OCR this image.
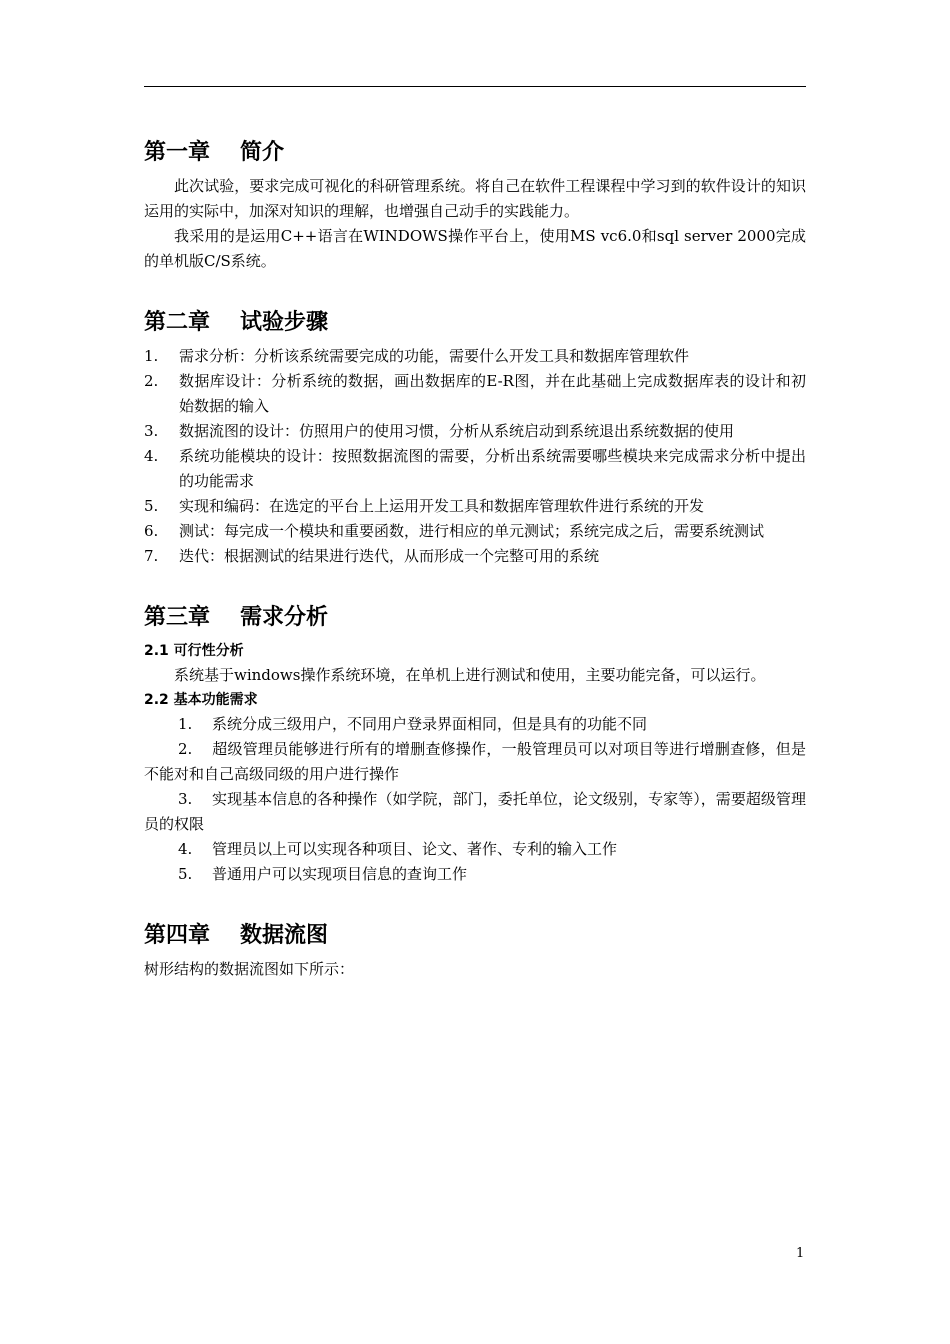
第一章 简介

此次试验，要求完成可视化的科研管理系统。将自己在软件工程课程中学习到的软件设计的知识运用的实际中，加深对知识的理解，也增强自己动手的实践能力。

我采用的是运用C++语言在WINDOWS操作平台上，使用MS vc6.0和sql server 2000完成的单机版C/S系统。

第二章 试验步骤
1. 需求分析：分析该系统需要完成的功能，需要什么开发工具和数据库管理软件
2. 数据库设计：分析系统的数据，画出数据库的E-R图，并在此基础上完成数据库表的设计和初始数据的输入
3. 数据流图的设计：仿照用户的使用习惯，分析从系统启动到系统退出系统数据的使用
4. 系统功能模块的设计：按照数据流图的需要，分析出系统需要哪些模块来完成需求分析中提出的功能需求
5. 实现和编码：在选定的平台上上运用开发工具和数据库管理软件进行系统的开发
6. 测试：每完成一个模块和重要函数，进行相应的单元测试；系统完成之后，需要系统测试
7. 迭代：根据测试的结果进行迭代，从而形成一个完整可用的系统
第三章 需求分析

2.1 可行性分析

系统基于windows操作系统环境，在单机上进行测试和使用，主要功能完备，可以运行。

2.2 基本功能需求

1. 系统分成三级用户，不同用户登录界面相同，但是具有的功能不同

2. 超级管理员能够进行所有的增删查修操作，一般管理员可以对项目等进行增删查修，但是不能对和自己高级同级的用户进行操作

3. 实现基本信息的各种操作（如学院，部门，委托单位，论文级别，专家等），需要超级管理员的权限

4. 管理员以上可以实现各种项目、论文、著作、专利的输入工作

5. 普通用户可以实现项目信息的查询工作

第四章 数据流图

树形结构的数据流图如下所示：

1
